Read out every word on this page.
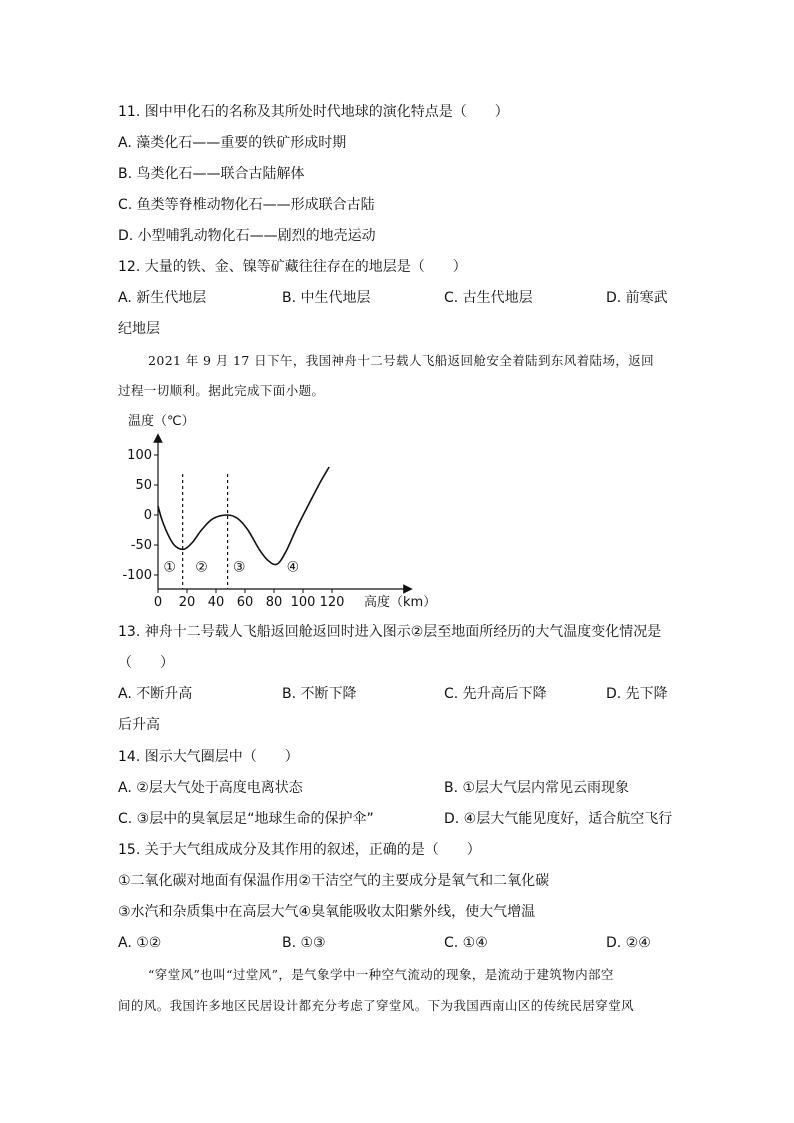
11. 图中甲化石的名称及其所处时代地球的演化特点是（　　）
A. 藻类化石——重要的铁矿形成时期
B. 鸟类化石——联合古陆解体
C. 鱼类等脊椎动物化石——形成联合古陆
D. 小型哺乳动物化石——剧烈的地壳运动
12. 大量的铁、金、镍等矿藏往往存在的地层是（　　）
A. 新生代地层	B. 中生代地层	C. 古生代地层	D. 前寒武
纪地层
2021 年 9 月 17 日下午，我国神舟十二号载人飞船返回舱安全着陆到东风着陆场，返回
过程一切顺利。据此完成下面小题。
温度（℃）
0 20 40 60 80 100 120
100
50
0
-50
-100 ① ② ③	④
高度（km）
13. 神舟十二号载人飞船返回舱返回时进入图示②层至地面所经历的大气温度变化情况是
（　　）
A. 不断升高	B. 不断下降	C. 先升高后下降	D. 先下降
后升高
14. 图示大气圈层中（　　）
A. ②层大气处于高度电离状态	B. ①层大气层内常见云雨现象
C. ③层中的臭氧层足“地球生命的保护伞”	D. ④层大气能见度好，适合航空飞行
15. 关于大气组成成分及其作用的叙述，正确的是（　　）
①二氧化碳对地面有保温作用②干洁空气的主要成分是氧气和二氧化碳
③水汽和杂质集中在高层大气④臭氧能吸收太阳紫外线，使大气增温
A. ①②	B. ①③	C. ①④	D. ②④
“穿堂风”也叫“过堂风”，是气象学中一种空气流动的现象，是流动于建筑物内部空
间的风。我国许多地区民居设计都充分考虑了穿堂风。下为我国西南山区的传统民居穿堂风
